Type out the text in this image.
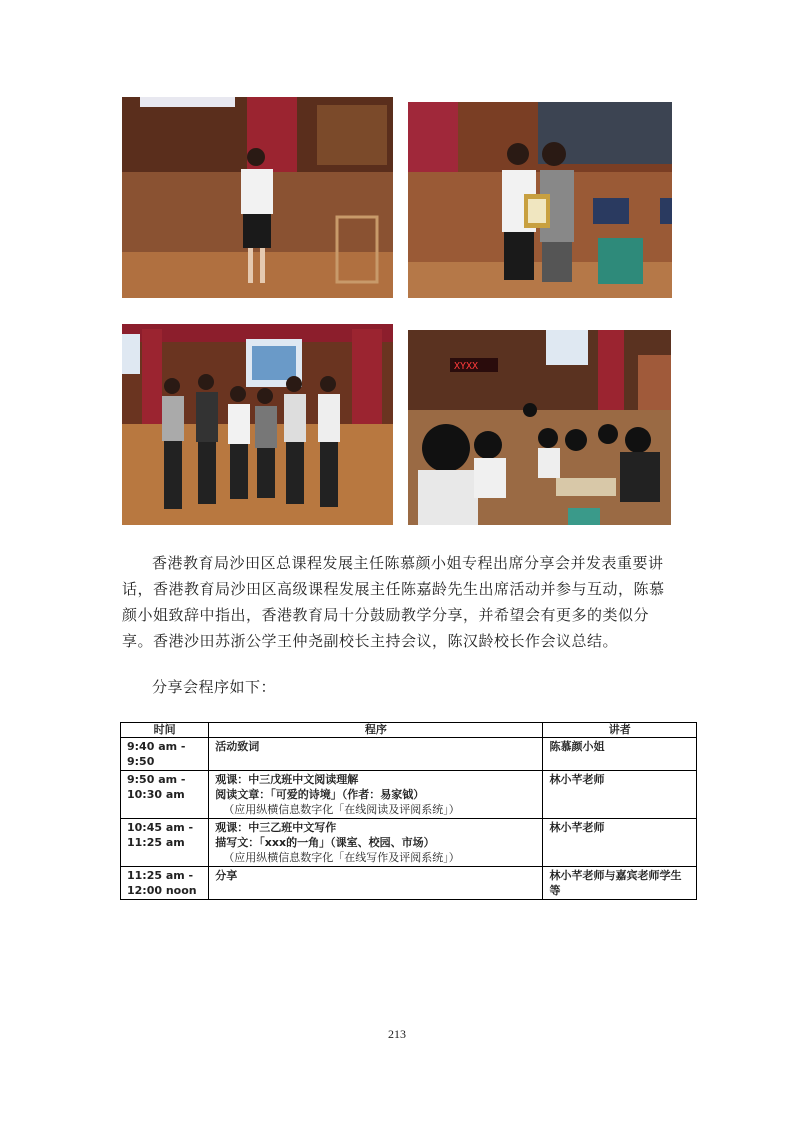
XYXX

香港教育局沙田区总课程发展主任陈慕颜小姐专程出席分享会并发表重要讲话，香港教育局沙田区高级课程发展主任陈嘉龄先生出席活动并参与互动，陈慕颜小姐致辞中指出，香港教育局十分鼓励教学分享，并希望会有更多的类似分享。香港沙田苏浙公学王仲尧副校长主持会议，陈汉龄校长作会议总结。

分享会程序如下：

时间	程序	讲者
9:40 am - 9:50	活动致词	陈慕颜小姐
9:50 am - 10:30 am	观课：中三戊班中文阅读理解
阅读文章：「可爱的诗境」（作者：易家钺）
（应用纵横信息数字化「在线阅读及评阅系统」）	林小芊老师
10:45 am - 11:25 am	观课：中三乙班中文写作
描写文：「xxx的一角」（课室、校园、市场）
（应用纵横信息数字化「在线写作及评阅系统」）	林小芊老师
11:25 am - 12:00 noon	分享	林小芊老师与嘉宾老师学生等
213
